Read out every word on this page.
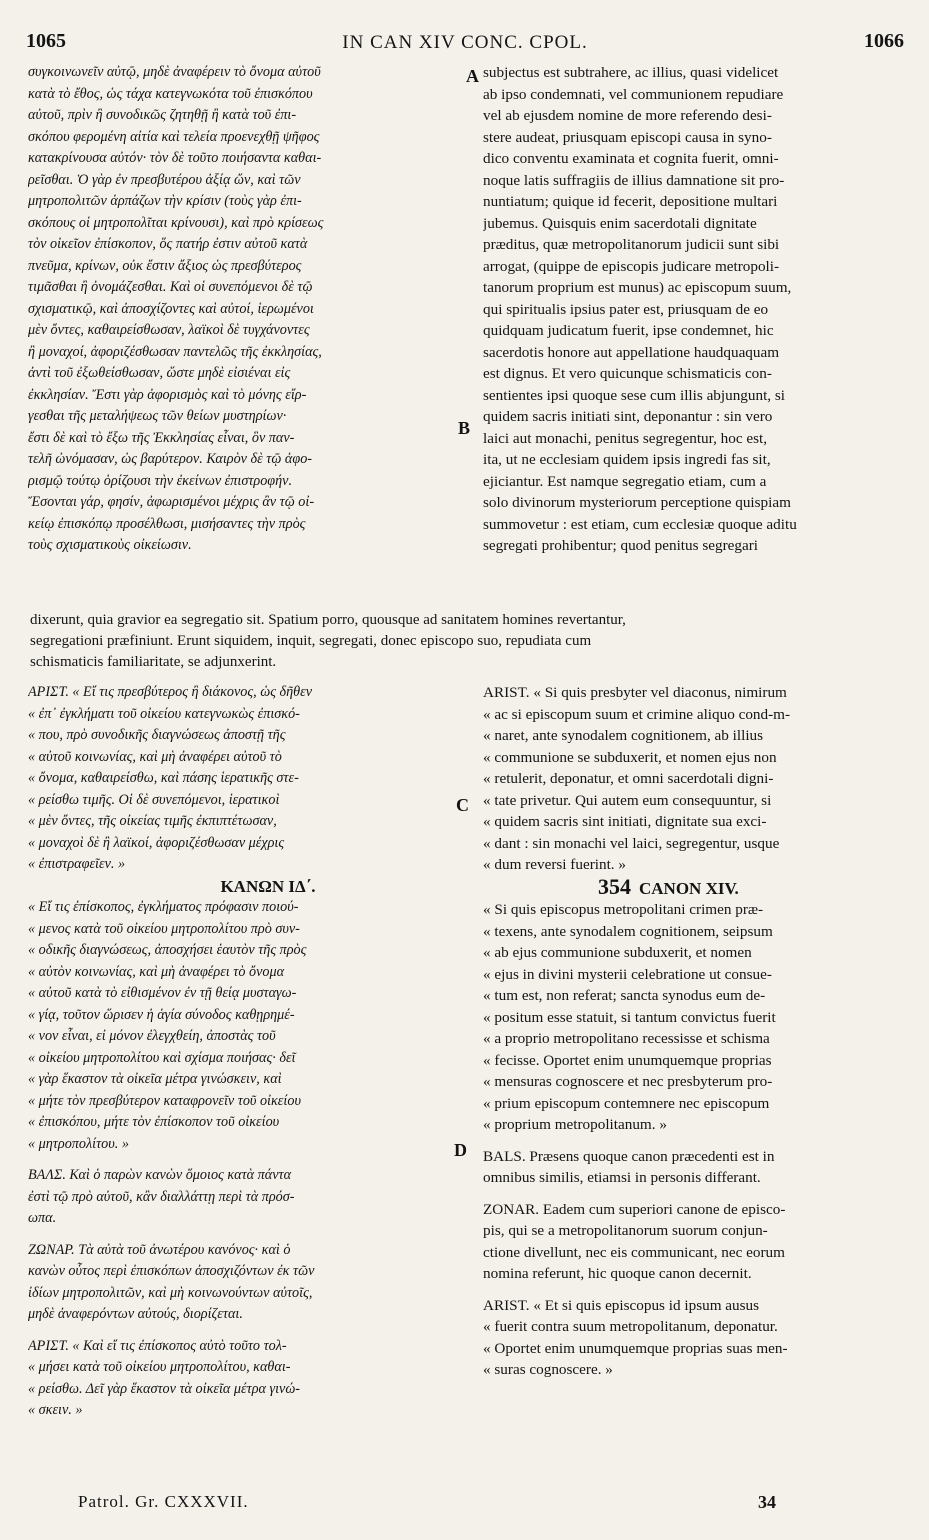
1065	IN CAN XIV CONC. CPOL.	1066
συγκοινωνεῖν αὐτῷ, μηδὲ ἀναφέρειν τὸ ὄνομα αὐτοῦ
κατὰ τὸ ἔθος, ὡς τάχα κατεγνωκότα τοῦ ἐπισκόπου
αὐτοῦ, πρὶν ἢ συνοδικῶς ζητηθῇ ἢ κατὰ τοῦ ἐπι-
σκόπου φερομένη αἰτία καὶ τελεία προενεχθῇ ψῆφος
κατακρίνουσα αὐτόν· τὸν δὲ τοῦτο ποιήσαντα καθαι-
ρεῖσθαι. Ὁ γὰρ ἐν πρεσβυτέρου ἀξίᾳ ὤν, καὶ τῶν
μητροπολιτῶν ἁρπάζων τὴν κρίσιν (τοὺς γὰρ ἐπι-
σκόπους οἱ μητροπολῖται κρίνουσι), καὶ πρὸ κρίσεως
τὸν οἰκεῖον ἐπίσκοπον, ὅς πατήρ ἐστιν αὐτοῦ κατὰ
πνεῦμα, κρίνων, οὐκ ἔστιν ἄξιος ὡς πρεσβύτερος
τιμᾶσθαι ἢ ὀνομάζεσθαι. Καὶ οἱ συνεπόμενοι δὲ τῷ
σχισματικῷ, καὶ ἀποσχίζοντες καὶ αὐτοί, ἱερωμένοι
μὲν ὄντες, καθαιρείσθωσαν, λαϊκοὶ δὲ τυγχάνοντες
ἢ μοναχοί, ἀφοριζέσθωσαν παντελῶς τῆς ἐκκλησίας,
ἀντὶ τοῦ ἐξωθείσθωσαν, ὥστε μηδὲ εἰσιέναι εἰς
ἐκκλησίαν. Ἔστι γὰρ ἀφορισμὸς καὶ τὸ μόνης εἴρ-
γεσθαι τῆς μεταλήψεως τῶν θείων μυστηρίων·
ἔστι δὲ καὶ τὸ ἔξω τῆς Ἐκκλησίας εἶναι, ὃν παν-
τελῆ ὠνόμασαν, ὡς βαρύτερον. Καιρὸν δὲ τῷ ἀφο-
ρισμῷ τούτῳ ὁρίζουσι τὴν ἐκείνων ἐπιστροφήν.
Ἔσονται γάρ, φησίν, ἀφωρισμένοι μέχρις ἂν τῷ οἰ-
κείῳ ἐπισκόπῳ προσέλθωσι, μισήσαντες τὴν πρὸς
τοὺς σχισματικοὺς οἰκείωσιν.
subjectus est subtrahere, ac illius, quasi videlicet
ab ipso condemnati, vel communionem repudiare
vel ab ejusdem nomine de more referendo desi-
stere audeat, priusquam episcopi causa in syno-
dico conventu examinata et cognita fuerit, omni-
noque latis suffragiis de illius damnatione sit pro-
nuntiatum; quique id fecerit, depositione multari
jubemus. Quisquis enim sacerdotali dignitate
præditus, quæ metropolitanorum judicii sunt sibi
arrogat, (quippe de episcopis judicare metropoli-
tanorum proprium est munus) ac episcopum suum,
qui spiritualis ipsius pater est, priusquam de eo
quidquam judicatum fuerit, ipse condemnet, hic
sacerdotis honore aut appellatione haudquaquam
est dignus. Et vero quicunque schismaticis con-
sentientes ipsi quoque sese cum illis abjungunt, si
quidem sacris initiati sint, deponantur : sin vero
laici aut monachi, penitus segregentur, hoc est,
ita, ut ne ecclesiam quidem ipsis ingredi fas sit,
ejiciantur. Est namque segregatio etiam, cum a
solo divinorum mysteriorum perceptione quispiam
summovetur : est etiam, cum ecclesiæ quoque aditu
segregati prohibentur; quod penitus segregari
dixerunt, quia gravior ea segregatio sit. Spatium porro, quousque ad sanitatem homines revertantur,
segregationi præfiniunt. Erunt siquidem, inquit, segregati, donec episcopo suo, repudiata cum
schismaticis familiaritate, se adjunxerint.
ΑΡΙΣΤ. « Εἴ τις πρεσβύτερος ἢ διάκονος, ὡς δῆθεν
« ἐπ᾽ ἐγκλήματι τοῦ οἰκείου κατεγνωκὼς ἐπισκό-
« που, πρὸ συνοδικῆς διαγνώσεως ἀποστῇ τῆς
« αὐτοῦ κοινωνίας, καὶ μὴ ἀναφέρει αὐτοῦ τὸ
« ὄνομα, καθαιρείσθω, καὶ πάσης ἱερατικῆς στε-
« ρείσθω τιμῆς. Οἱ δὲ συνεπόμενοι, ἱερατικοὶ
« μὲν ὄντες, τῆς οἰκείας τιμῆς ἐκπιπτέτωσαν,
« μοναχοὶ δὲ ἢ λαϊκοί, ἀφοριζέσθωσαν μέχρις
« ἐπιστραφεῖεν. »
ΚΑΝΩΝ ΙΔ΄.
« Εἴ τις ἐπίσκοπος, ἐγκλήματος πρόφασιν ποιού-
« μενος κατὰ τοῦ οἰκείου μητροπολίτου πρὸ συν-
« οδικῆς διαγνώσεως, ἀποσχήσει ἑαυτὸν τῆς πρὸς
« αὐτὸν κοινωνίας, καὶ μὴ ἀναφέρει τὸ ὄνομα
« αὐτοῦ κατὰ τὸ εἰθισμένον ἐν τῇ θείᾳ μυσταγω-
« γίᾳ, τοῦτον ὥρισεν ἡ ἁγία σύνοδος καθῃρημέ-
« νον εἶναι, εἰ μόνον ἐλεγχθείη, ἀποστὰς τοῦ
« οἰκείου μητροπολίτου καὶ σχίσμα ποιήσας· δεῖ
« γὰρ ἕκαστον τὰ οἰκεῖα μέτρα γινώσκειν, καὶ
« μήτε τὸν πρεσβύτερον καταφρονεῖν τοῦ οἰκείου
« ἐπισκόπου, μήτε τὸν ἐπίσκοπον τοῦ οἰκείου
« μητροπολίτου. »
ΒΑΛΣ. Καὶ ὁ παρὼν κανὼν ὅμοιος κατὰ πάντα
ἐστὶ τῷ πρὸ αὐτοῦ, κἂν διαλλάττῃ περὶ τὰ πρόσ-
ωπα.
ΖΩΝΑΡ. Τὰ αὐτὰ τοῦ ἀνωτέρου κανόνος· καὶ ὁ
κανὼν οὗτος περὶ ἐπισκόπων ἀποσχιζόντων ἐκ τῶν
ἰδίων μητροπολιτῶν, καὶ μὴ κοινωνούντων αὐτοῖς,
μηδὲ ἀναφερόντων αὐτούς, διορίζεται.
ΑΡΙΣΤ. « Καὶ εἴ τις ἐπίσκοπος αὐτὸ τοῦτο τολ-
« μήσει κατὰ τοῦ οἰκείου μητροπολίτου, καθαι-
« ρείσθω. Δεῖ γὰρ ἕκαστον τὰ οἰκεῖα μέτρα γινώ-
« σκειν. »
ARIST. « Si quis presbyter vel diaconus, nimirum
« ac si episcopum suum et crimine aliquo cond-m-
« naret, ante synodalem cognitionem, ab illius
« communione se subduxerit, et nomen ejus non
« retulerit, deponatur, et omni sacerdotali digni-
« tate privetur. Qui autem eum consequuntur, si
« quidem sacris sint initiati, dignitate sua exci-
« dant : sin monachi vel laici, segregentur, usque
« dum reversi fuerint. »
354 CANON XIV.
« Si quis episcopus metropolitani crimen præ-
« texens, ante synodalem cognitionem, seipsum
« ab ejus communione subduxerit, et nomen
« ejus in divini mysterii celebratione ut consue-
« tum est, non referat; sancta synodus eum de-
« positum esse statuit, si tantum convictus fuerit
« a proprio metropolitano recessisse et schisma
« fecisse. Oportet enim unumquemque proprias
« mensuras cognoscere et nec presbyterum pro-
« prium episcopum contemnere nec episcopum
« proprium metropolitanum. »
BALS. Præsens quoque canon præcedenti est in
omnibus similis, etiamsi in personis differant.
ZONAR. Eadem cum superiori canone de episco-
pis, qui se a metropolitanorum suorum conjun-
ctione divellunt, nec eis communicant, nec eorum
nomina referunt, hic quoque canon decernit.
ARIST. « Et si quis episcopus id ipsum ausus
« fuerit contra suum metropolitanum, deponatur.
« Oportet enim unumquemque proprias suas men-
« suras cognoscere. »
A
B
C
D
Patrol. Gr. CXXXVII.	34
